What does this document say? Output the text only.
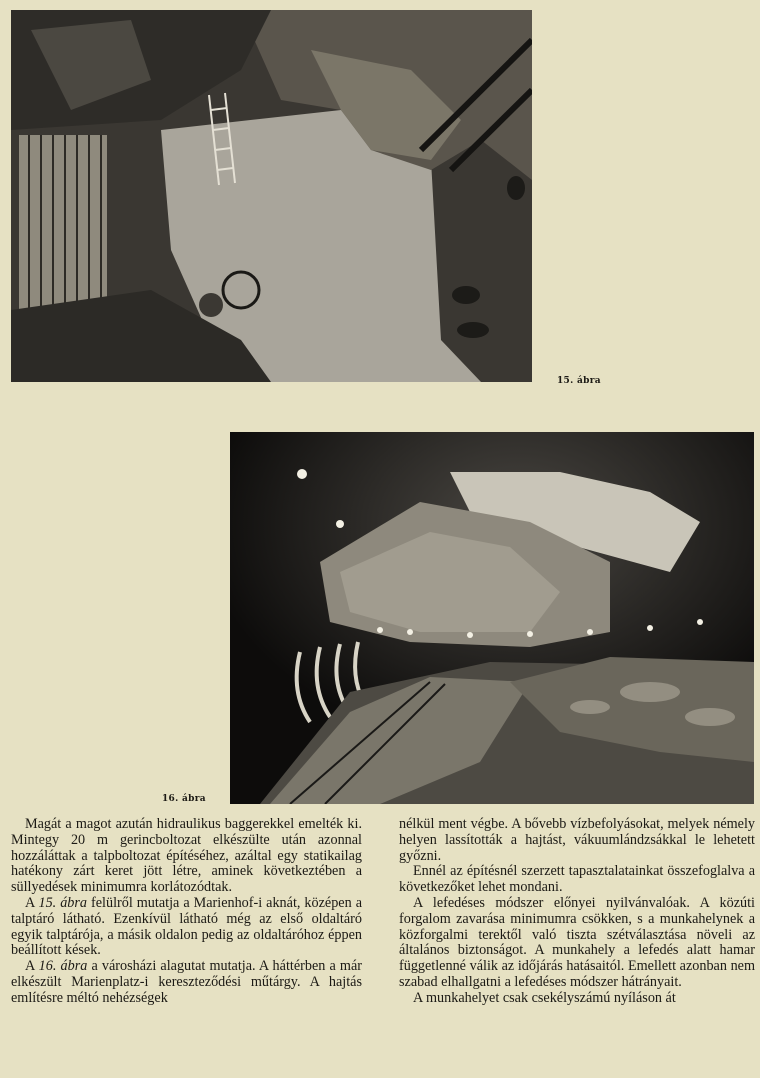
15. ábra
16. ábra

Magát a magot azután hidraulikus baggerekkel emelték ki. Mintegy 20 m gerincboltozat elkészülte után azonnal hozzáláttak a talpboltozat építéséhez, azáltal egy statikailag hatékony zárt keret jött létre, aminek következtében a süllyedések minimumra korlátozódtak.

A 15. ábra felülről mutatja a Marienhof-i aknát, középen a talptáró látható. Ezenkívül látható még az első oldaltáró egyik talptárója, a másik oldalon pedig az oldaltáróhoz éppen beállított kések.

A 16. ábra a városházi alagutat mutatja. A háttérben a már elkészült Marienplatz-i kereszteződési műtárgy. A hajtás említésre méltó nehézségek

nélkül ment végbe. A bővebb vízbefolyásokat, melyek némely helyen lassították a hajtást, vákuumlándzsákkal le lehetett győzni.

Ennél az építésnél szerzett tapasztalatainkat összefoglalva a következőket lehet mondani.

A lefedéses módszer előnyei nyilvánvalóak. A közúti forgalom zavarása minimumra csökken, s a munkahelynek a közforgalmi terektől való tiszta szétválasztása növeli az általános biztonságot. A munkahely a lefedés alatt hamar függetlenné válik az időjárás hatásaitól. Emellett azonban nem szabad elhallgatni a lefedéses módszer hátrányait.

A munkahelyet csak csekélyszámú nyíláson át
